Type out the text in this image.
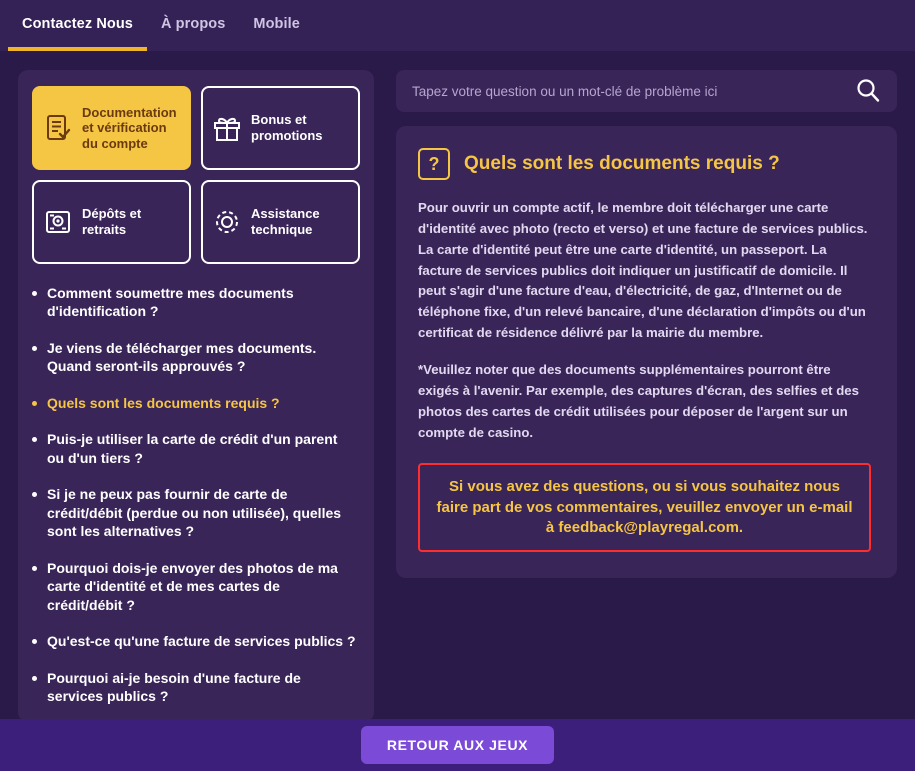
Contactez Nous À propos Mobile
Documentation et vérification du compte
Bonus et promotions
Dépôts et retraits
Assistance technique
Comment soumettre mes documents d'identification ?
Je viens de télécharger mes documents. Quand seront-ils approuvés ?
Quels sont les documents requis ?
Puis-je utiliser la carte de crédit d'un parent ou d'un tiers ?
Si je ne peux pas fournir de carte de crédit/débit (perdue ou non utilisée), quelles sont les alternatives ?
Pourquoi dois-je envoyer des photos de ma carte d'identité et de mes cartes de crédit/débit ?
Qu'est-ce qu'une facture de services publics ?
Pourquoi ai-je besoin d'une facture de services publics ?
Tapez votre question ou un mot-clé de problème ici
?	Quels sont les documents requis ?

Pour ouvrir un compte actif, le membre doit télécharger une carte d'identité avec photo (recto et verso) et une facture de services publics. La carte d'identité peut être une carte d'identité, un passeport. La facture de services publics doit indiquer un justificatif de domicile. Il peut s'agir d'une facture d'eau, d'électricité, de gaz, d'Internet ou de téléphone fixe, d'un relevé bancaire, d'une déclaration d'impôts ou d'un certificat de résidence délivré par la mairie du membre.

*Veuillez noter que des documents supplémentaires pourront être exigés à l'avenir. Par exemple, des captures d'écran, des selfies et des photos des cartes de crédit utilisées pour déposer de l'argent sur un compte de casino.

Si vous avez des questions, ou si vous souhaitez nous faire part de vos commentaires, veuillez envoyer un e-mail à feedback@playregal.com.
RETOUR AUX JEUX
